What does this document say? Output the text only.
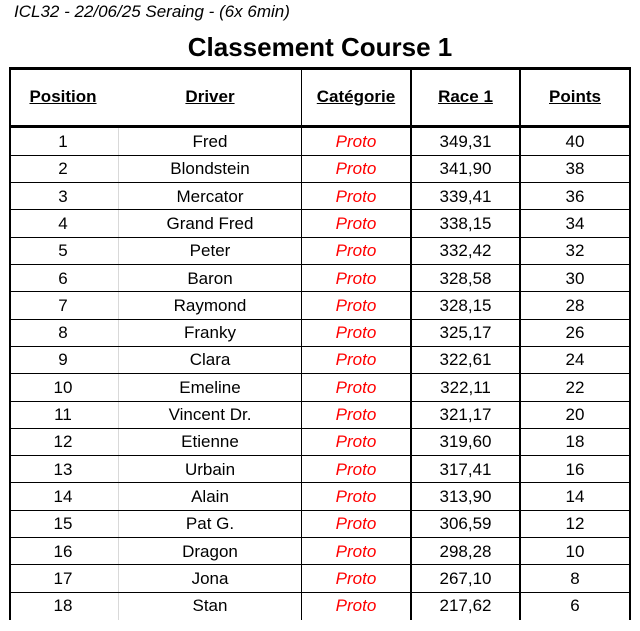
ICL32 - 22/06/25 Seraing - (6x 6min)
Classement Course 1
Position	Driver	Catégorie	Race 1	Points
1	Fred	Proto	349,31	40
2	Blondstein	Proto	341,90	38
3	Mercator	Proto	339,41	36
4	Grand Fred	Proto	338,15	34
5	Peter	Proto	332,42	32
6	Baron	Proto	328,58	30
7	Raymond	Proto	328,15	28
8	Franky	Proto	325,17	26
9	Clara	Proto	322,61	24
10	Emeline	Proto	322,11	22
11	Vincent Dr.	Proto	321,17	20
12	Etienne	Proto	319,60	18
13	Urbain	Proto	317,41	16
14	Alain	Proto	313,90	14
15	Pat G.	Proto	306,59	12
16	Dragon	Proto	298,28	10
17	Jona	Proto	267,10	8
18	Stan	Proto	217,62	6
